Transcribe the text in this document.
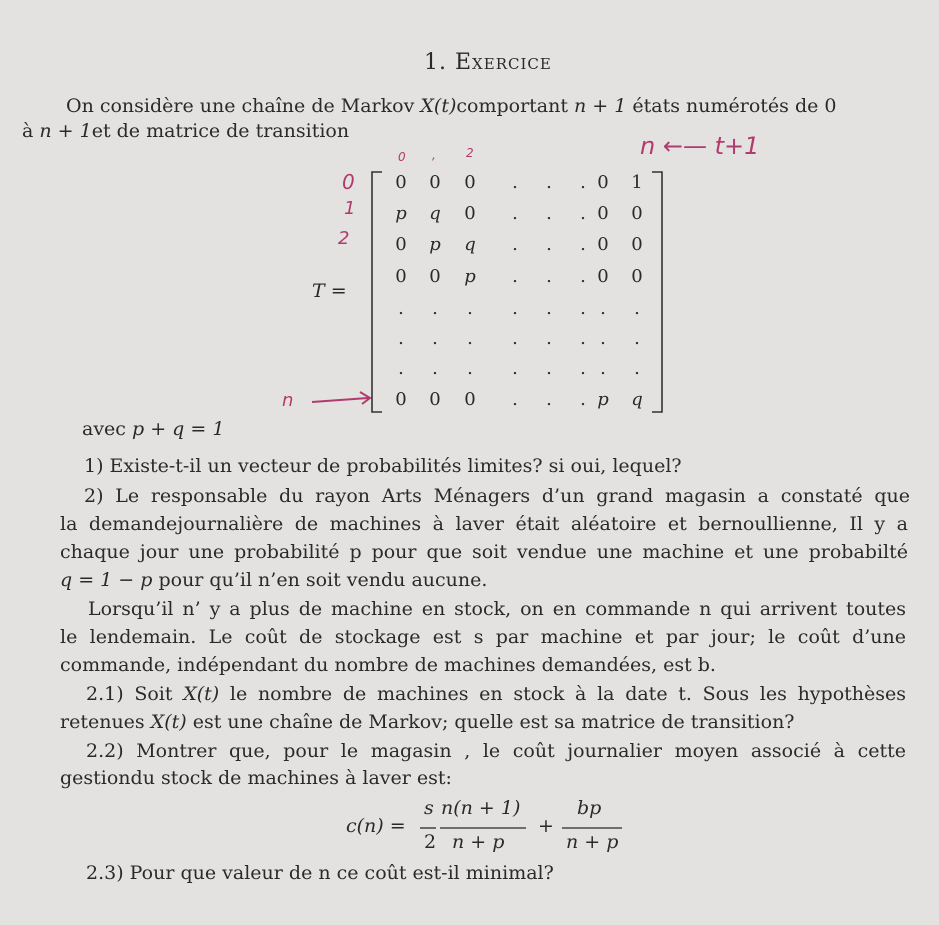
1. Exercice
On considère une chaîne de Markov X(t)comportant n + 1 états numérotés de 0
à n + 1et de matrice de transition
n ←— t+1
0 ,	2
0
1
2
n
T =
0	0	0	.	.	. 0	1
p	q	0	.	.	. 0	0
0	p	q	.	.	. 0	0
0	0	p	.	.	. 0	0
.	.	.	.	.	. .	.
.	.	.	.	.	. .	.
.	.	.	.	.	. .	.
0	0	0	.	.	. p	q
avec p + q = 1
1) Existe-t-il un vecteur de probabilités limites? si oui, lequel?
2) Le responsable du rayon Arts Ménagers d’un grand magasin a constaté que
la demandejournalière de machines à laver était aléatoire et bernoullienne, Il y a
chaque jour une probabilité p pour que soit vendue une machine et une probabilté
q = 1 − p pour qu’il n’en soit vendu aucune.
Lorsqu’il n’ y a plus de machine en stock, on en commande n qui arrivent toutes
le lendemain. Le coût de stockage est s par machine et par jour; le coût d’une
commande, indépendant du nombre de machines demandées, est b.
2.1) Soit X(t) le nombre de machines en stock à la date t. Sous les hypothèses
retenues X(t) est une chaîne de Markov; quelle est sa matrice de transition?
2.2) Montrer que, pour le magasin , le coût journalier moyen associé à cette
gestiondu stock de machines à laver est:
c(n) =
s
2
n(n + 1)
n + p
+
bp
n + p
2.3) Pour que valeur de n ce coût est-il minimal?
